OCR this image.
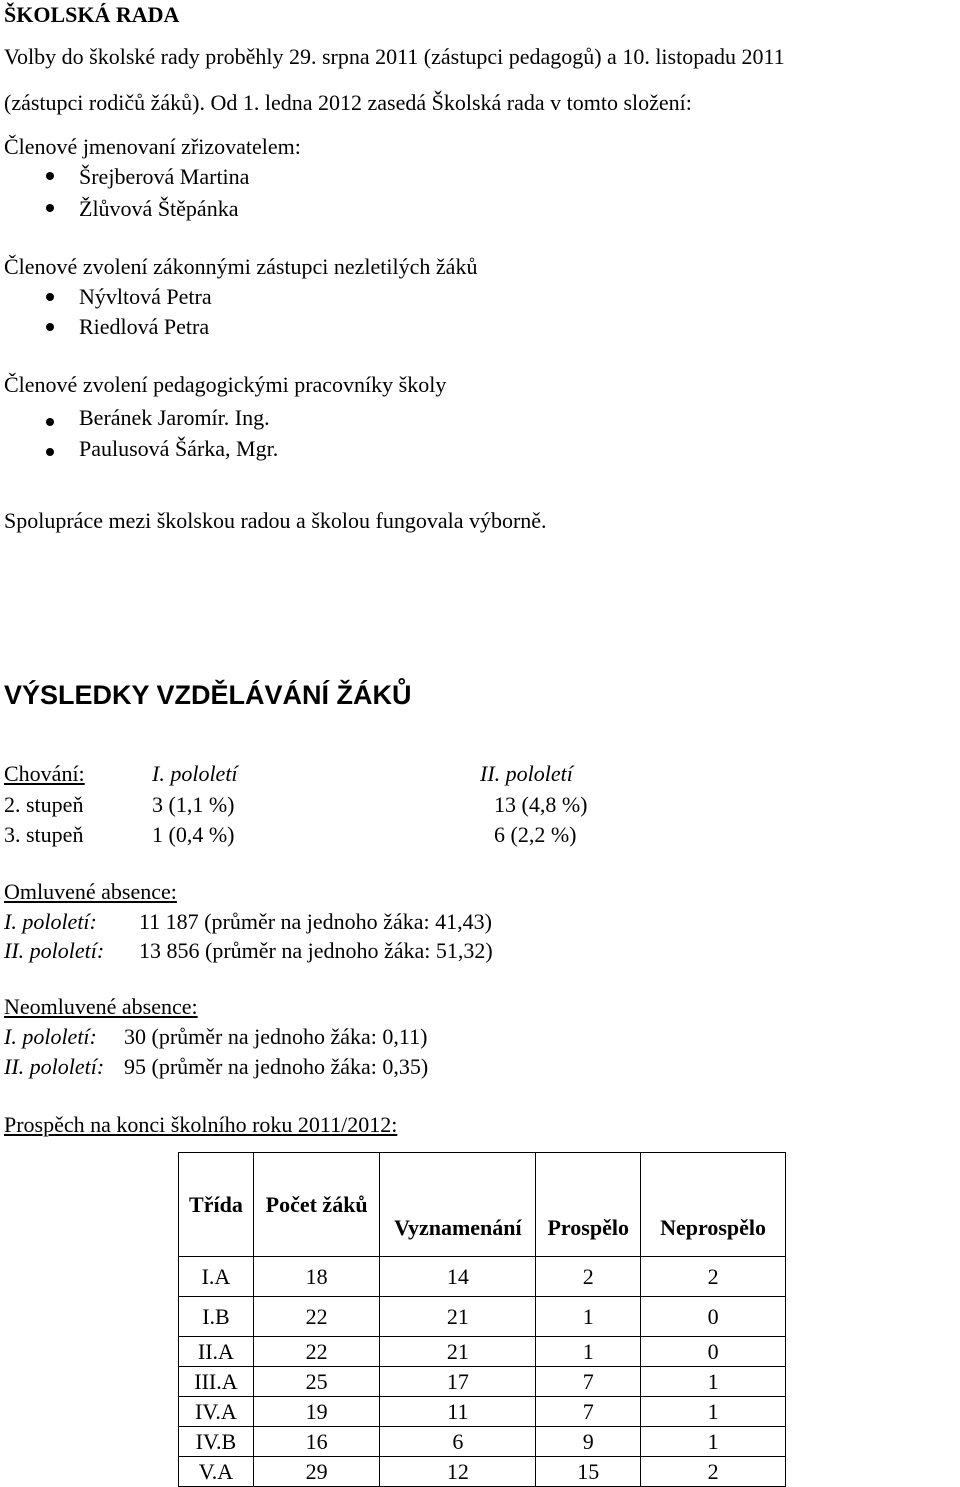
ŠKOLSKÁ RADA
Volby do školské rady proběhly 29. srpna 2011 (zástupci pedagogů) a 10. listopadu 2011
(zástupci rodičů žáků). Od 1. ledna 2012 zasedá Školská rada v tomto složení:
Členové jmenovaní zřizovatelem:
Šrejberová Martina
Žlůvová Štěpánka
Členové zvolení zákonnými zástupci nezletilých žáků
Nývltová Petra
Riedlová Petra
Členové zvolení pedagogickými pracovníky školy
Beránek Jaromír. Ing.
Paulusová Šárka, Mgr.
Spolupráce mezi školskou radou a školou fungovala výborně.
VÝSLEDKY VZDĚLÁVÁNÍ ŽÁKŮ
Chování:	I. pololetí	II. pololetí
2. stupeň	3 (1,1 %)	13 (4,8 %)
3. stupeň	1 (0,4 %)	6 (2,2 %)
Omluvené absence:
I. pololetí: 11 187 (průměr na jednoho žáka: 41,43)
II. pololetí: 13 856 (průměr na jednoho žáka: 51,32)
Neomluvené absence:
I. pololetí: 30 (průměr na jednoho žáka: 0,11)
II. pololetí: 95 (průměr na jednoho žáka: 0,35)
Prospěch na konci školního roku 2011/2012:
Třída	Počet žáků	Vyznamenání	Prospělo	Neprospělo
I.A	18	14	2	2
I.B	22	21	1	0
II.A	22	21	1	0
III.A	25	17	7	1
IV.A	19	11	7	1
IV.B	16	6	9	1
V.A	29	12	15	2
